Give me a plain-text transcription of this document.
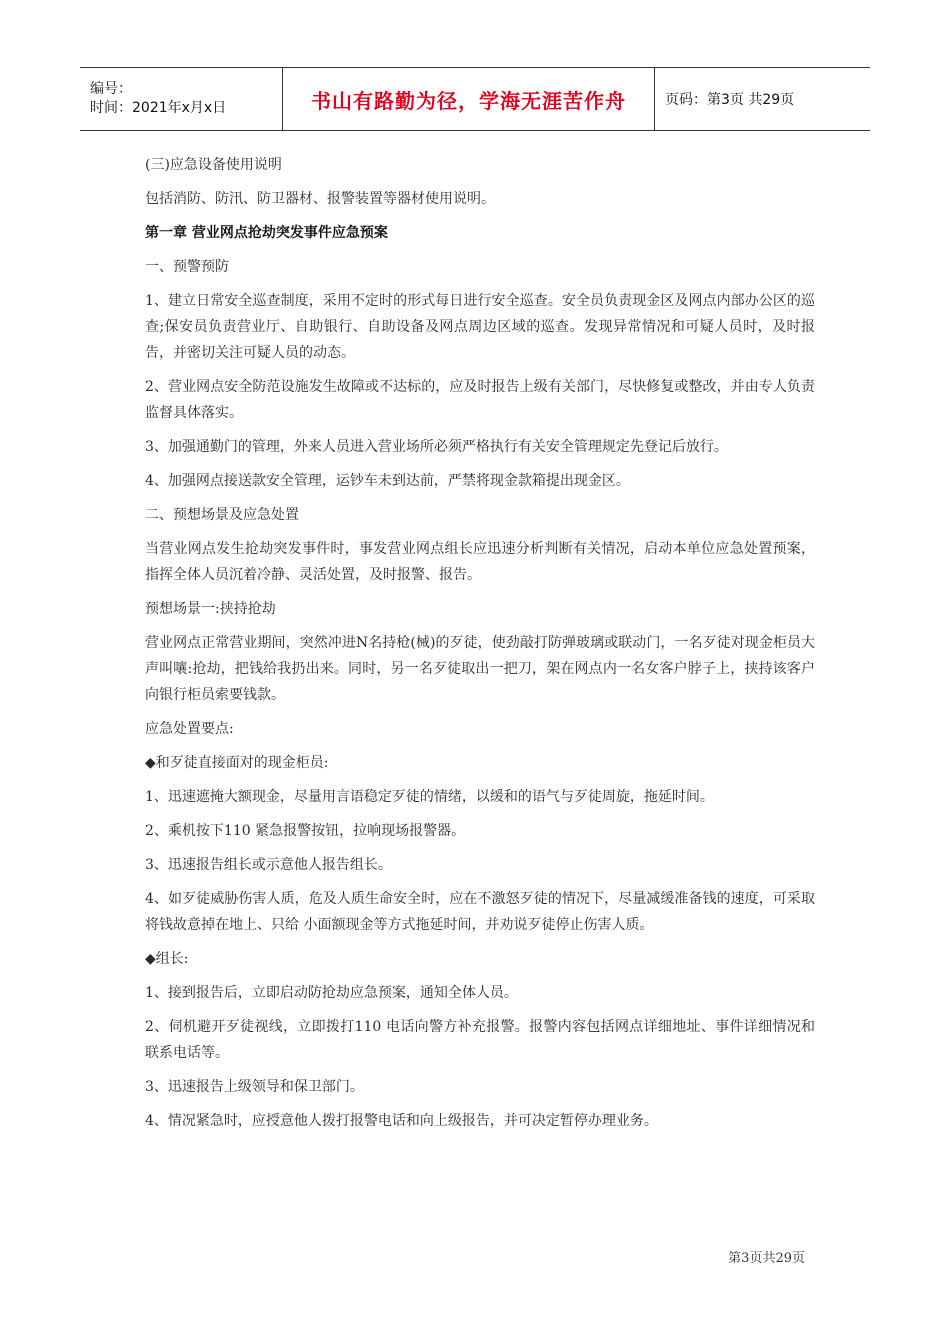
编号：
时间：2021年x月x日	书山有路勤为径，学海无涯苦作舟	页码：第3页 共29页

(三)应急设备使用说明

包括消防、防汛、防卫器材、报警装置等器材使用说明。

第一章 营业网点抢劫突发事件应急预案

一、预警预防

1、建立日常安全巡查制度，采用不定时的形式每日进行安全巡查。安全员负责现金区及网点内部办公区的巡查;保安员负责营业厅、自助银行、自助设备及网点周边区域的巡查。发现异常情况和可疑人员时，及时报告，并密切关注可疑人员的动态。

2、营业网点安全防范设施发生故障或不达标的，应及时报告上级有关部门，尽快修复或整改，并由专人负责监督具体落实。

3、加强通勤门的管理，外来人员进入营业场所必须严格执行有关安全管理规定先登记后放行。

4、加强网点接送款安全管理，运钞车未到达前，严禁将现金款箱提出现金区。

二、预想场景及应急处置

当营业网点发生抢劫突发事件时，事发营业网点组长应迅速分析判断有关情况，启动本单位应急处置预案，指挥全体人员沉着冷静、灵活处置，及时报警、报告。

预想场景一:挟持抢劫

营业网点正常营业期间，突然冲进N名持枪(械)的歹徒，使劲敲打防弹玻璃或联动门，一名歹徒对现金柜员大声叫嚷:抢劫，把钱给我扔出来。同时，另一名歹徒取出一把刀，架在网点内一名女客户脖子上，挟持该客户向银行柜员索要钱款。

应急处置要点:

◆和歹徒直接面对的现金柜员:

1、迅速遮掩大额现金，尽量用言语稳定歹徒的情绪，以缓和的语气与歹徒周旋，拖延时间。

2、乘机按下110 紧急报警按钮，拉响现场报警器。

3、迅速报告组长或示意他人报告组长。

4、如歹徒威胁伤害人质，危及人质生命安全时，应在不激怒歹徒的情况下，尽量减缓准备钱的速度，可采取将钱故意掉在地上、只给 小面额现金等方式拖延时间，并劝说歹徒停止伤害人质。

◆组长:

1、接到报告后，立即启动防抢劫应急预案，通知全体人员。

2、伺机避开歹徒视线，立即拨打110 电话向警方补充报警。报警内容包括网点详细地址、事件详细情况和联系电话等。

3、迅速报告上级领导和保卫部门。

4、情况紧急时，应授意他人拨打报警电话和向上级报告，并可决定暂停办理业务。

第3页共29页
